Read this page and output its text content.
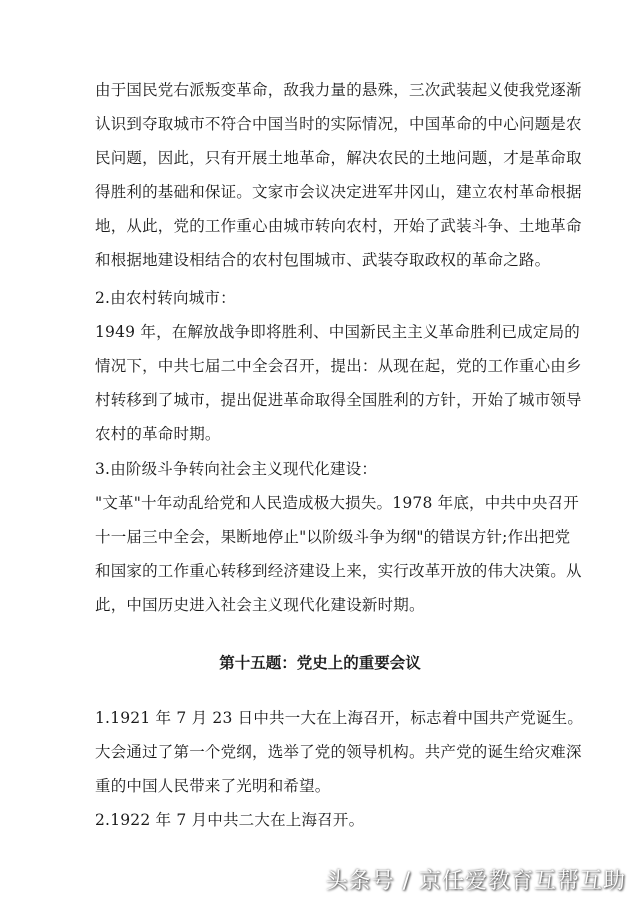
由于国民党右派叛变革命，敌我力量的悬殊，三次武装起义使我党逐渐
认识到夺取城市不符合中国当时的实际情况，中国革命的中心问题是农
民问题，因此，只有开展土地革命，解决农民的土地问题，才是革命取
得胜利的基础和保证。文家市会议决定进军井冈山，建立农村革命根据
地，从此，党的工作重心由城市转向农村，开始了武装斗争、土地革命
和根据地建设相结合的农村包围城市、武装夺取政权的革命之路。

2.由农村转向城市：

1949 年，在解放战争即将胜利、中国新民主主义革命胜利已成定局的
情况下，中共七届二中全会召开，提出：从现在起，党的工作重心由乡
村转移到了城市，提出促进革命取得全国胜利的方针，开始了城市领导
农村的革命时期。

3.由阶级斗争转向社会主义现代化建设：

"文革"十年动乱给党和人民造成极大损失。1978 年底，中共中央召开
十一届三中全会，果断地停止"以阶级斗争为纲"的错误方针;作出把党
和国家的工作重心转移到经济建设上来，实行改革开放的伟大决策。从
此，中国历史进入社会主义现代化建设新时期。

第十五题：党史上的重要会议

1.1921 年 7 月 23 日中共一大在上海召开，标志着中国共产党诞生。
大会通过了第一个党纲，选举了党的领导机构。共产党的诞生给灾难深
重的中国人民带来了光明和希望。

2.1922 年 7 月中共二大在上海召开。

头条号 / 京任爱教育互帮互助
